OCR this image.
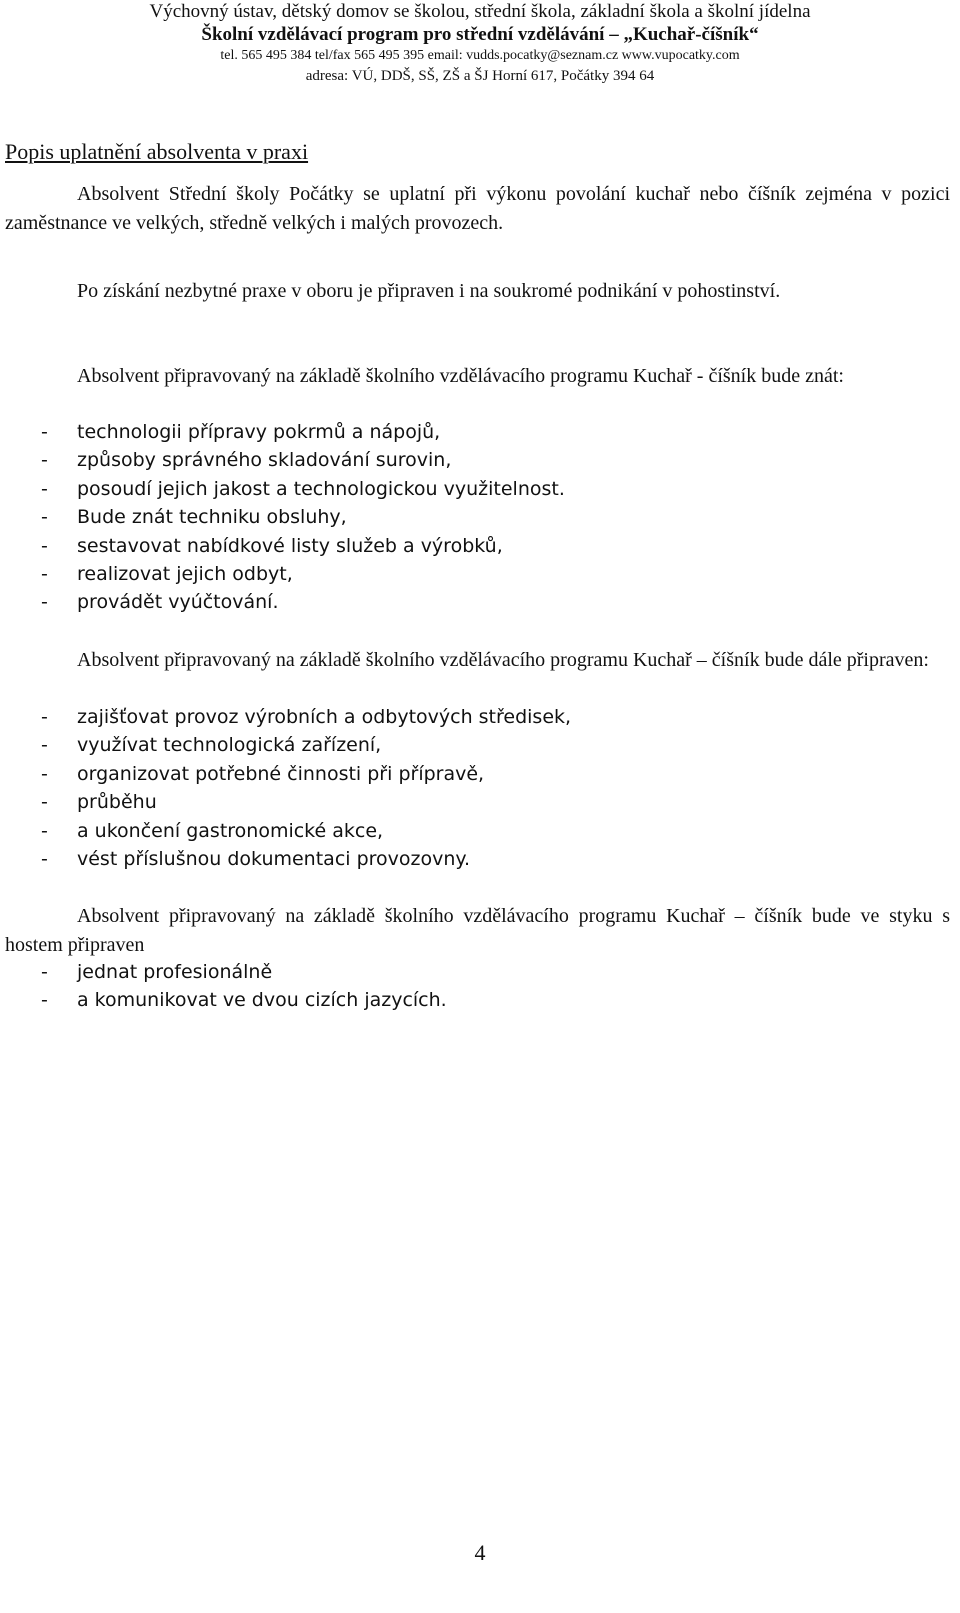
Výchovný ústav, dětský domov se školou, střední škola, základní škola a školní jídelna
Školní vzdělávací program pro střední vzdělávání – „Kuchař-číšník“
tel. 565 495 384 tel/fax 565 495 395 email: vudds.pocatky@seznam.cz www.vupocatky.com
adresa: VÚ, DDŠ, SŠ, ZŠ a ŠJ Horní 617, Počátky 394 64
Popis uplatnění absolventa v praxi

Absolvent Střední školy Počátky se uplatní při výkonu povolání kuchař nebo číšník zejména v pozici zaměstnance ve velkých, středně velkých i malých provozech.

Po získání nezbytné praxe v oboru je připraven i na soukromé podnikání v pohostinství.

Absolvent připravovaný na základě školního vzdělávacího programu Kuchař - číšník bude znát:

- technologii přípravy pokrmů a nápojů,
- způsoby správného skladování surovin,
- posoudí jejich jakost a technologickou využitelnost.
- Bude znát techniku obsluhy,
- sestavovat nabídkové listy služeb a výrobků,
- realizovat jejich odbyt,
- provádět vyúčtování.

Absolvent připravovaný na základě školního vzdělávacího programu Kuchař – číšník bude dále připraven:

- zajišťovat provoz výrobních a odbytových středisek,
- využívat technologická zařízení,
- organizovat potřebné činnosti při přípravě,
- průběhu
- a ukončení gastronomické akce,
- vést příslušnou dokumentaci provozovny.

Absolvent připravovaný na základě školního vzdělávacího programu Kuchař – číšník bude ve styku s hostem připraven

- jednat profesionálně
- a komunikovat ve dvou cizích jazycích.
4
